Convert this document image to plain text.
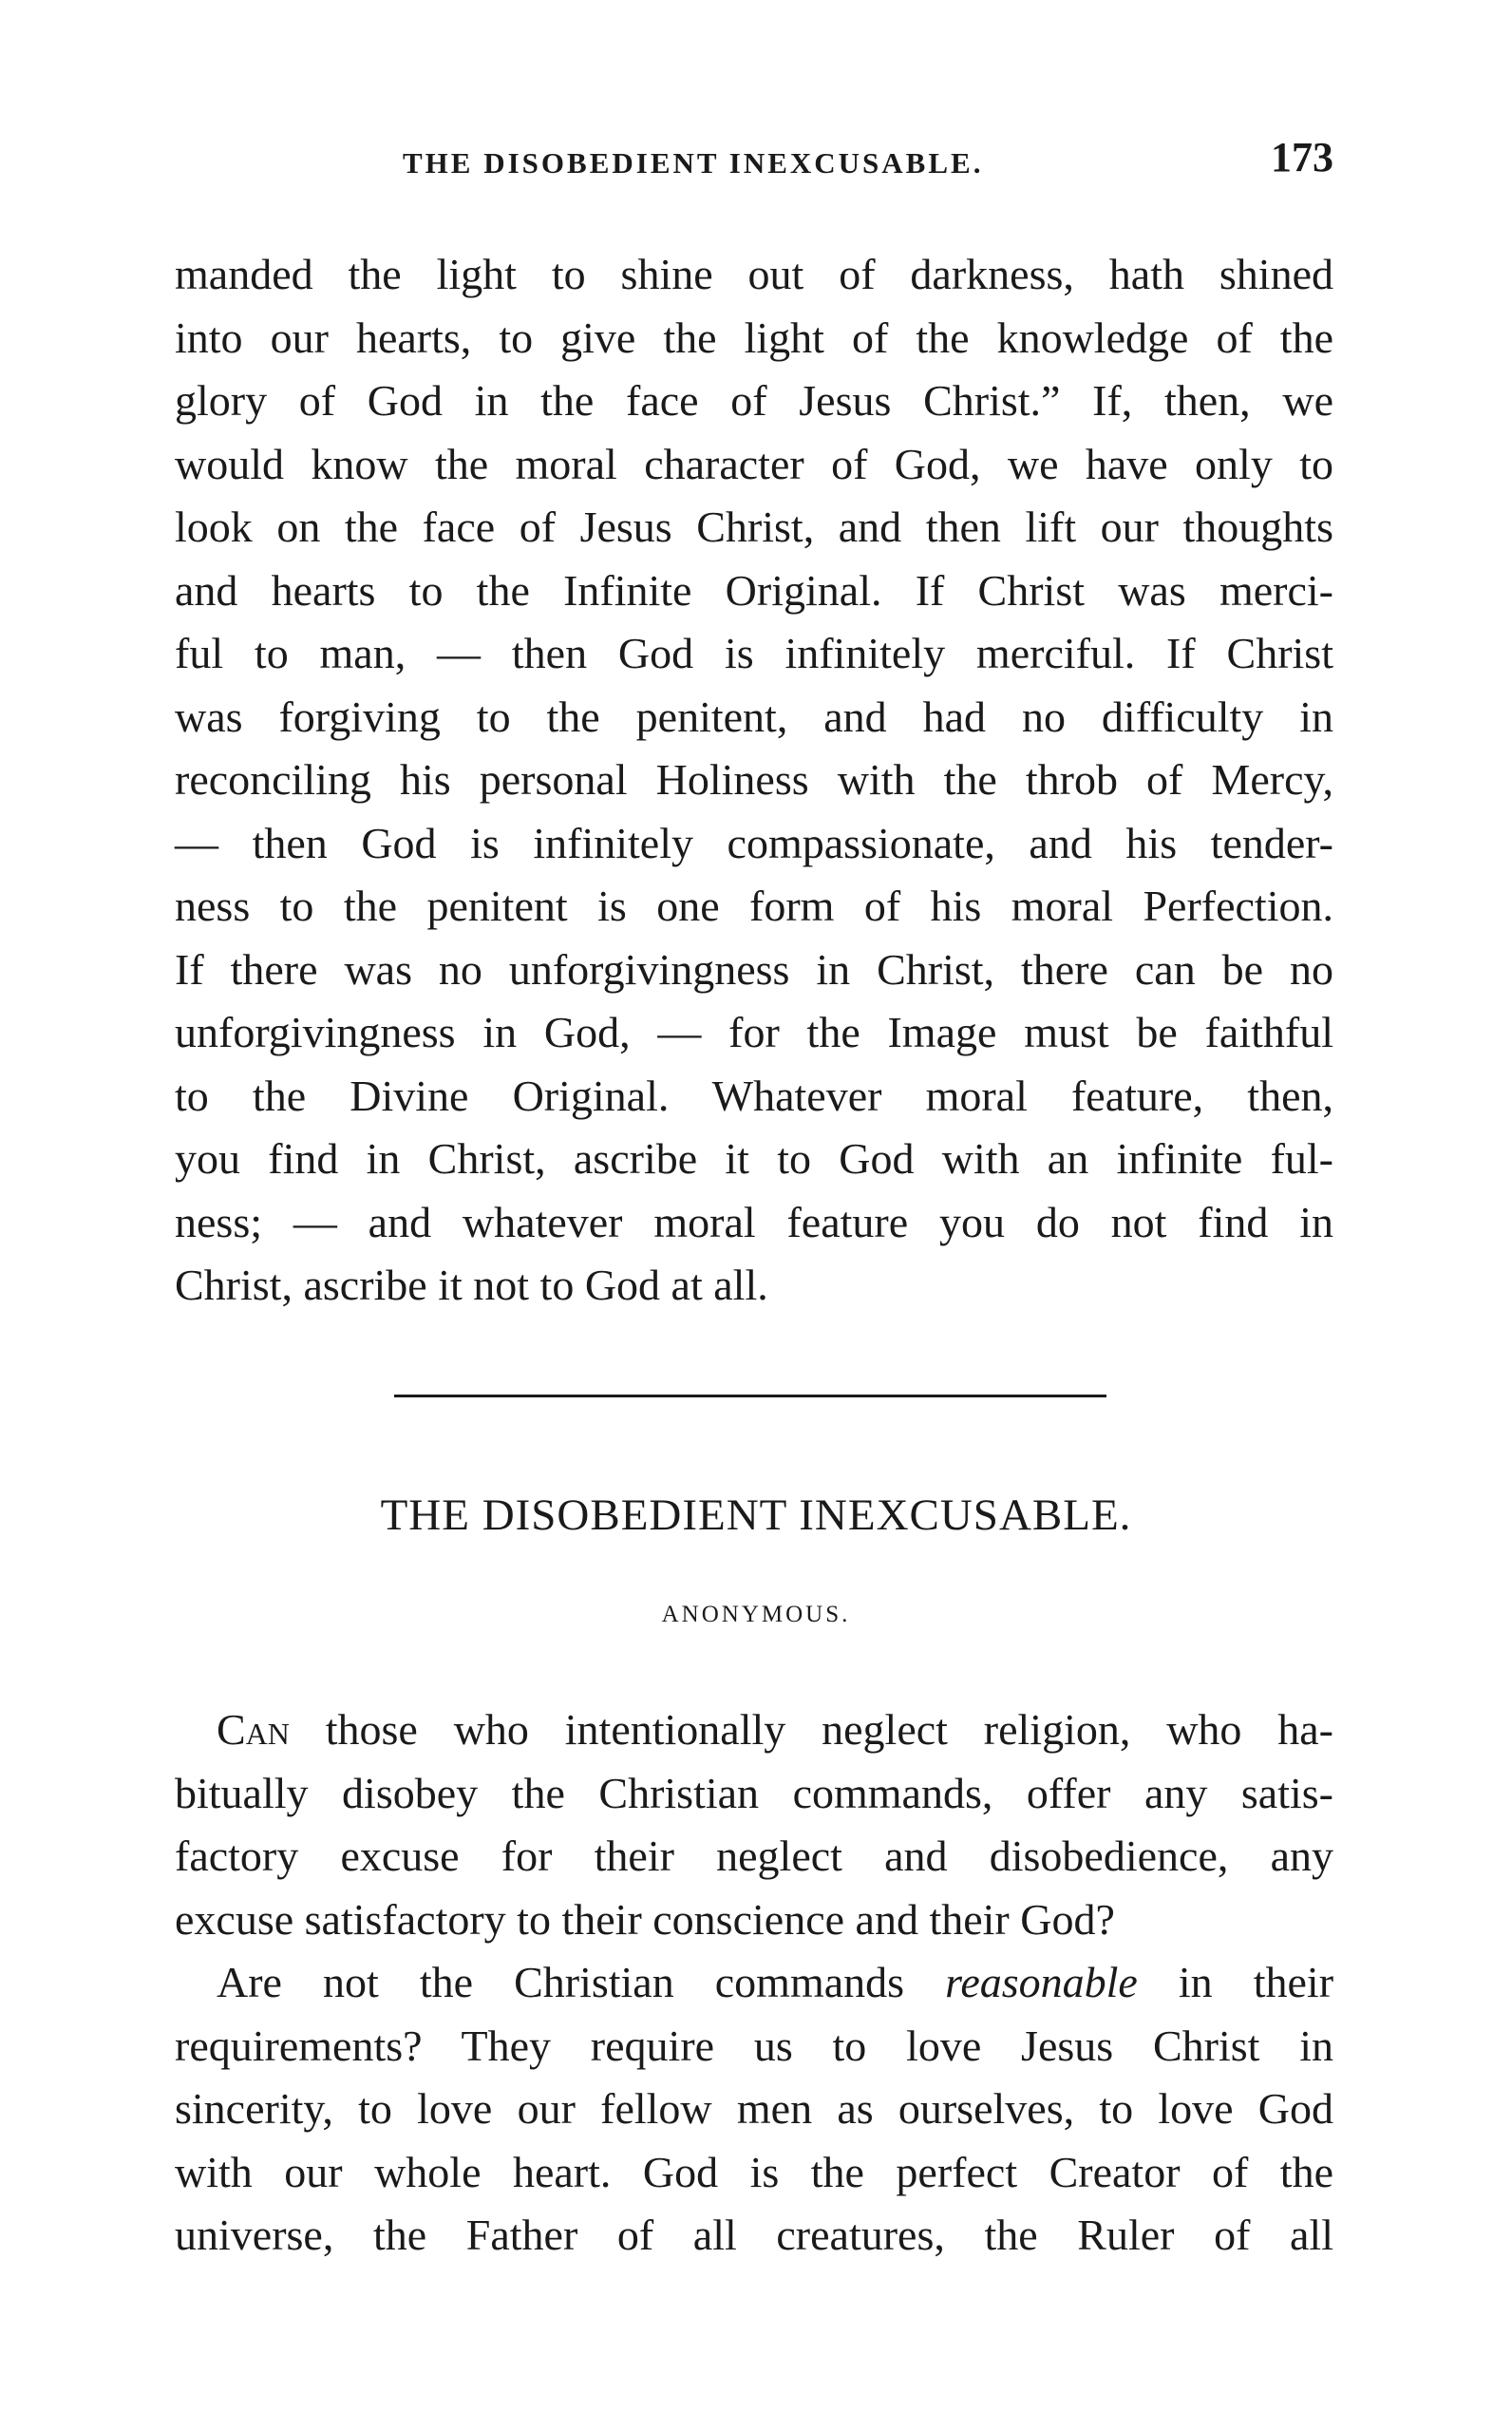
THE DISOBEDIENT INEXCUSABLE.	173
manded the light to shine out of darkness, hath shined
into our hearts, to give the light of the knowledge of the
glory of God in the face of Jesus Christ.” If, then, we
would know the moral character of God, we have only to
look on the face of Jesus Christ, and then lift our thoughts
and hearts to the Infinite Original. If Christ was merci-
ful to man, — then God is infinitely merciful. If Christ
was forgiving to the penitent, and had no difficulty in
reconciling his personal Holiness with the throb of Mercy,
— then God is infinitely compassionate, and his tender-
ness to the penitent is one form of his moral Perfection.
If there was no unforgivingness in Christ, there can be no
unforgivingness in God, — for the Image must be faithful
to the Divine Original. Whatever moral feature, then,
you find in Christ, ascribe it to God with an infinite ful-
ness; — and whatever moral feature you do not find in
Christ, ascribe it not to God at all.
THE DISOBEDIENT INEXCUSABLE.
ANONYMOUS.
Can those who intentionally neglect religion, who ha-
bitually disobey the Christian commands, offer any satis-
factory excuse for their neglect and disobedience, any
excuse satisfactory to their conscience and their God?
Are not the Christian commands reasonable in their
requirements? They require us to love Jesus Christ in
sincerity, to love our fellow men as ourselves, to love God
with our whole heart. God is the perfect Creator of the
universe, the Father of all creatures, the Ruler of all
